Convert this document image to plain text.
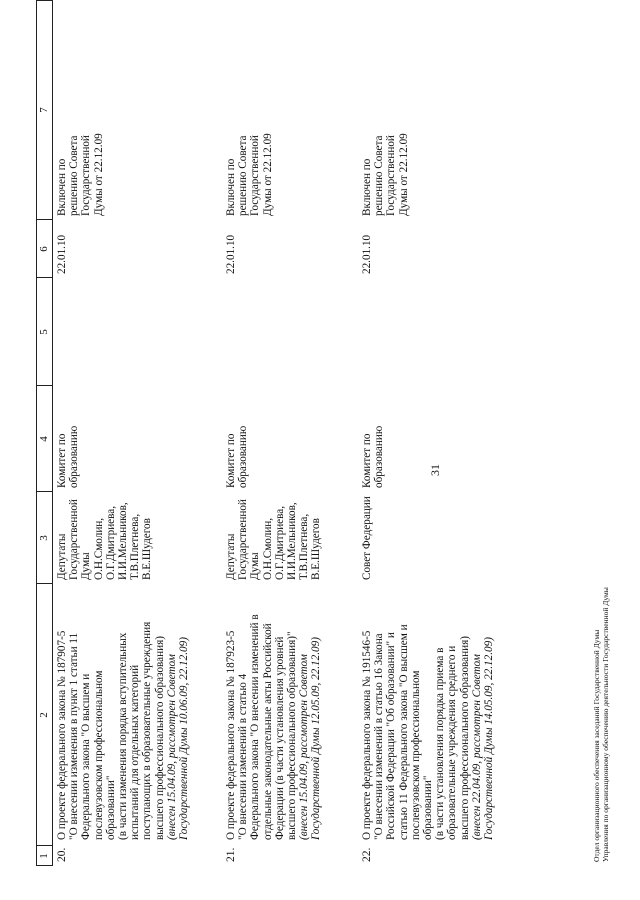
31
1
2
3
4
5
6
7
20.
О проекте федерального закона № 187907-5
"О внесении изменения в пункт 1 статьи 11
Федерального закона "О высшем и
послевузовском профессиональном
образовании"
(в части изменения порядка вступительных
испытаний для отдельных категорий
поступающих в образовательные учреждения
высшего профессионального образования)
(внесен 15.04.09, рассмотрен Советом
Государственной Думы 10.06.09, 22.12.09)
Депутаты
Государственной
Думы
О.Н.Смолин,
О.Г.Дмитриева,
И.И.Мельников,
Т.В.Плетнева,
В.Е.Шудегов
Комитет по
образованию
22.01.10
Включен по
решению Совета
Государственной
Думы от 22.12.09
21.
О проекте федерального закона № 187923-5
"О внесении изменений в статью 4
Федерального закона "О внесении изменений в
отдельные законодательные акты Российской
Федерации (в части установления уровней
высшего профессионального образования)"
(внесен 15.04.09, рассмотрен Советом
Государственной Думы 12.05.09, 22.12.09)
Депутаты
Государственной
Думы
О.Н.Смолин,
О.Г.Дмитриева,
И.И.Мельников,
Т.В.Плетнева,
В.Е.Шудегов
Комитет по
образованию
22.01.10
Включен по
решению Совета
Государственной
Думы от 22.12.09
22.
О проекте федерального закона № 191546-5
"О внесении изменений в статью 16 Закона
Российской Федерации "Об образовании" и
статью 11 Федерального закона "О высшем и
послевузовском профессиональном
образовании"
(в части установления порядка приема в
образовательные учреждения среднего и
высшего профессионального образования)
(внесен 22.04.09, рассмотрен Советом
Государственной Думы 14.05.09, 22.12.09)
Совет Федерации
Комитет по
образованию
22.01.10
Включен по
решению Совета
Государственной
Думы от 22.12.09
Отдел организационного обеспечения заседаний Государственной Думы Управления по организационному обеспечению деятельности Государственной Думы
